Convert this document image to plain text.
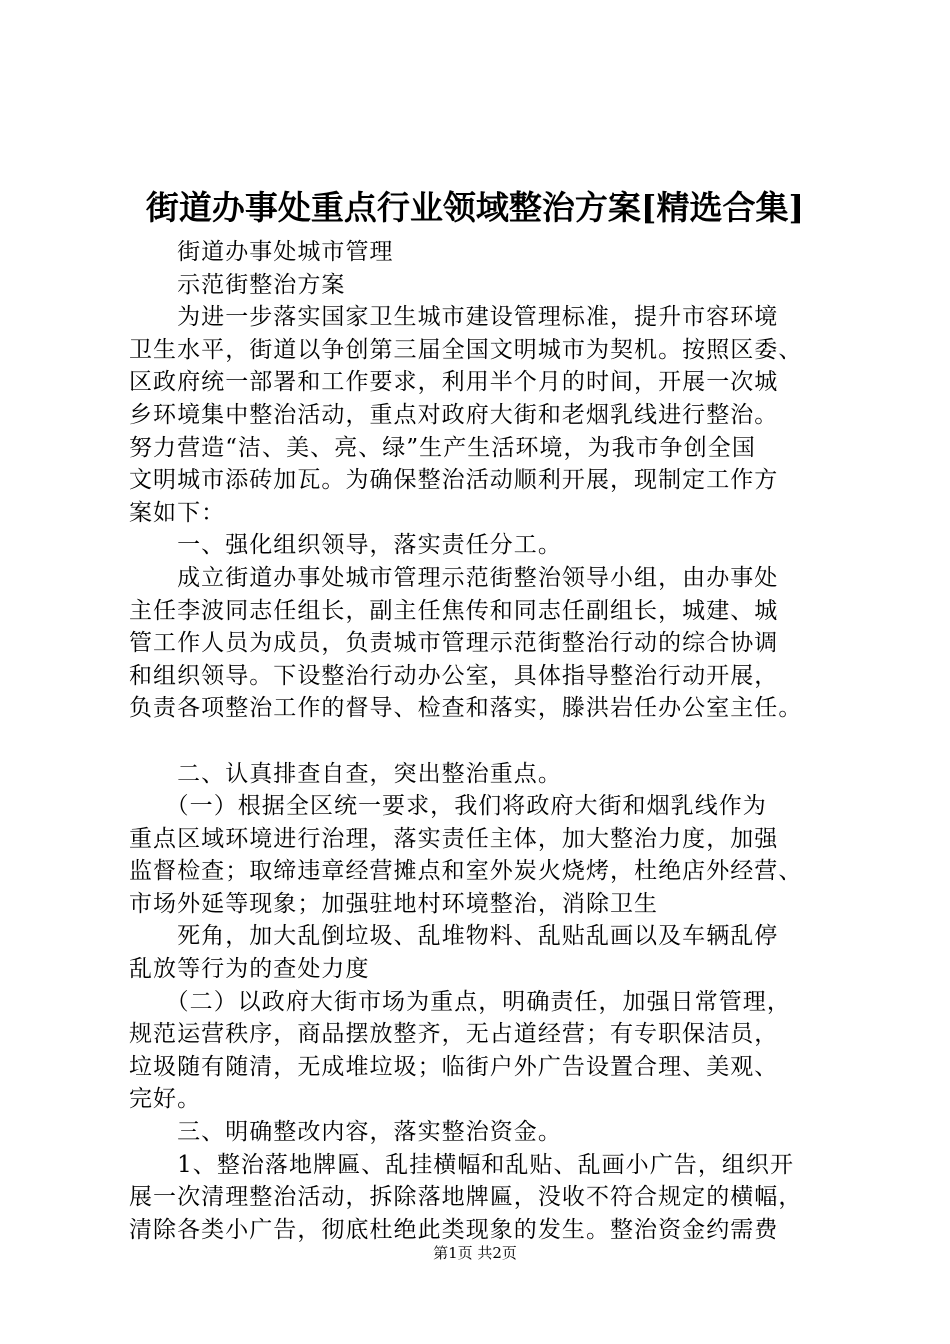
街道办事处重点行业领域整治方案[精选合集]
　　街道办事处城市管理
　　示范街整治方案
　　为进一步落实国家卫生城市建设管理标准，提升市容环境
卫生水平，街道以争创第三届全国文明城市为契机。按照区委、
区政府统一部署和工作要求，利用半个月的时间，开展一次城
乡环境集中整治活动，重点对政府大街和老烟乳线进行整治。
努力营造“洁、美、亮、绿”生产生活环境，为我市争创全国
文明城市添砖加瓦。为确保整治活动顺利开展，现制定工作方
案如下：
　　一、强化组织领导，落实责任分工。
　　成立街道办事处城市管理示范街整治领导小组，由办事处
主任李波同志任组长，副主任焦传和同志任副组长，城建、城
管工作人员为成员，负责城市管理示范街整治行动的综合协调
和组织领导。下设整治行动办公室，具体指导整治行动开展，
负责各项整治工作的督导、检查和落实，滕洪岩任办公室主任。
　　二、认真排查自查，突出整治重点。
　　（一）根据全区统一要求，我们将政府大街和烟乳线作为
重点区域环境进行治理，落实责任主体，加大整治力度，加强
监督检查；取缔违章经营摊点和室外炭火烧烤，杜绝店外经营、
市场外延等现象；加强驻地村环境整治，消除卫生
　　死角，加大乱倒垃圾、乱堆物料、乱贴乱画以及车辆乱停
乱放等行为的查处力度
　　（二）以政府大街市场为重点，明确责任，加强日常管理，
规范运营秩序，商品摆放整齐，无占道经营；有专职保洁员，
垃圾随有随清，无成堆垃圾；临街户外广告设置合理、美观、
完好。
　　三、明确整改内容，落实整治资金。
　　1、整治落地牌匾、乱挂横幅和乱贴、乱画小广告，组织开
展一次清理整治活动，拆除落地牌匾，没收不符合规定的横幅，
清除各类小广告，彻底杜绝此类现象的发生。整治资金约需费
第1页 共2页
